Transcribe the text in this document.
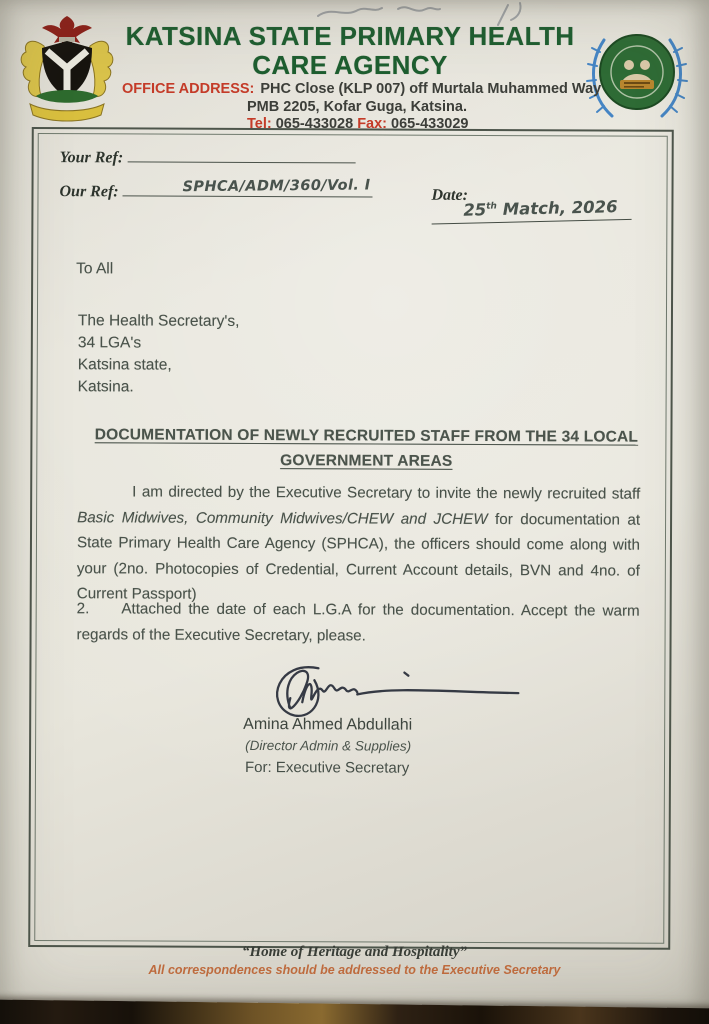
KATSINA STATE PRIMARY HEALTH
CARE AGENCY
OFFICE ADDRESS: PHC Close (KLP 007) off Murtala Muhammed Way
PMB 2205, Kofar Guga, Katsina.
Tel: 065-433028 Fax: 065-433029
Your Ref:
Our Ref:	SPHCA/ADM/360/Vol. I
Date:
25th Match, 2026
To All
The Health Secretary's,
34 LGA's
Katsina state,
Katsina.
DOCUMENTATION OF NEWLY RECRUITED STAFF FROM THE 34 LOCAL GOVERNMENT AREAS
I am directed by the Executive Secretary to invite the newly recruited staff Basic Midwives, Community Midwives/CHEW and JCHEW for documentation at State Primary Health Care Agency (SPHCA), the officers should come along with your (2no. Photocopies of Credential, Current Account details, BVN and 4no. of Current Passport)
2. Attached the date of each L.G.A for the documentation. Accept the warm regards of the Executive Secretary, please.
Amina Ahmed Abdullahi
(Director Admin & Supplies)
For: Executive Secretary
“Home of Heritage and Hospitality”
All correspondences should be addressed to the Executive Secretary
